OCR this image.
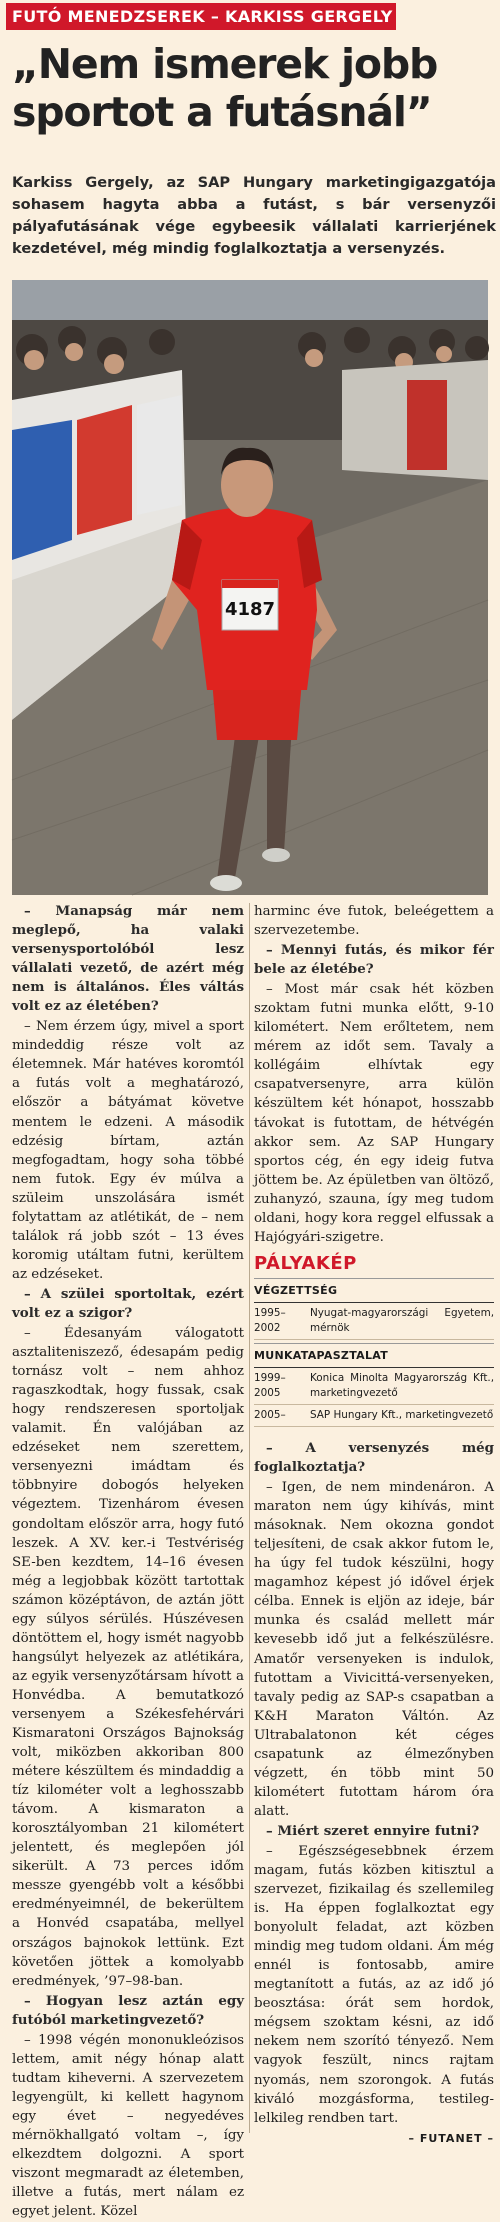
FUTÓ MENEDZSEREK – KARKISS GERGELY
„Nem ismerek jobb sportot a futásnál”

Karkiss Gergely, az SAP Hungary marketingigazgatója sohasem hagyta abba a futást, s bár versenyzői pályafutásának vége egybeesik vállalati karrierjének kezdetével, még mindig foglalkoztatja a versenyzés.

4187

– Manapság már nem meglepő, ha valaki versenysportolóból lesz vállalati vezető, de azért még nem is általános. Éles váltás volt ez az életében?

– Nem érzem úgy, mivel a sport mindeddig része volt az életemnek. Már hatéves koromtól a futás volt a meghatározó, először a bátyámat követve mentem le edzeni. A második edzésig bírtam, aztán megfogadtam, hogy soha többé nem futok. Egy év múlva a szüleim unszolására ismét folytattam az atlétikát, de – nem találok rá jobb szót – 13 éves koromig utáltam futni, kerültem az edzéseket.

– A szülei sportoltak, ezért volt ez a szigor?

– Édesanyám válogatott asztaliteniszező, édesapám pedig tornász volt – nem ahhoz ragaszkodtak, hogy fussak, csak hogy rendszeresen sportoljak valamit. Én valójában az edzéseket nem szerettem, versenyezni imádtam és többnyire dobogós helyeken végeztem. Tizenhárom évesen gondoltam először arra, hogy futó leszek. A XV. ker.-i Testvériség SE-ben kezdtem, 14–16 évesen még a legjobbak között tartottak számon középtávon, de aztán jött egy súlyos sérülés. Húszévesen döntöttem el, hogy ismét nagyobb hangsúlyt helyezek az atlétikára, az egyik versenyzőtársam hívott a Honvédba. A bemutatkozó versenyem a Székesfehérvári Kismaratoni Országos Bajnokság volt, miközben akkoriban 800 métere készültem és mindaddig a tíz kilométer volt a leghosszabb távom. A kismaraton a korosztályomban 21 kilométert jelentett, és meglepően jól sikerült. A 73 perces időm messze gyengébb volt a későbbi eredményeimnél, de bekerültem a Honvéd csapatába, mellyel országos bajnokok lettünk. Ezt követően jöttek a komolyabb eredmények, ’97–98-ban.

– Hogyan lesz aztán egy futóból marketingvezető?

– 1998 végén mononukleózisos lettem, amit négy hónap alatt tudtam kiheverni. A szervezetem legyengült, ki kellett hagynom egy évet – negyedéves mérnökhallgató voltam –, így elkezdtem dolgozni. A sport viszont megmaradt az életemben, illetve a futás, mert nálam ez egyet jelent. Közel

harminc éve futok, beleégettem a szervezetembe.

– Mennyi futás, és mikor fér bele az életébe?

– Most már csak hét közben szoktam futni munka előtt, 9-10 kilométert. Nem erőltetem, nem mérem az időt sem. Tavaly a kollégáim elhívtak egy csapatversenyre, arra külön készültem két hónapot, hosszabb távokat is futottam, de hétvégén akkor sem. Az SAP Hungary sportos cég, én egy ideig futva jöttem be. Az épületben van öltöző, zuhanyzó, szauna, így meg tudom oldani, hogy kora reggel elfussak a Hajógyári-szigetre.

PÁLYAKÉP
VÉGZETTSÉG
1995–2002
Nyugat-magyarországi Egyetem, mérnök
MUNKATAPASZTALAT
1999–2005
Konica Minolta Magyarország Kft., marketingvezető
2005–	SAP Hungary Kft., marketingvezető

– A versenyzés még foglalkoztatja?

– Igen, de nem mindenáron. A maraton nem úgy kihívás, mint másoknak. Nem okozna gondot teljesíteni, de csak akkor futom le, ha úgy fel tudok készülni, hogy magamhoz képest jó idővel érjek célba. Ennek is eljön az ideje, bár munka és család mellett már kevesebb idő jut a felkészülésre. Amatőr versenyeken is indulok, futottam a Vivicittá-versenyeken, tavaly pedig az SAP-s csapatban a K&H Maraton Váltón. Az Ultrabalatonon két céges csapatunk az élmezőnyben végzett, én több mint 50 kilométert futottam három óra alatt.

– Miért szeret ennyire futni?

– Egészségesebbnek érzem magam, futás közben kitisztul a szervezet, fizikailag és szellemileg is. Ha éppen foglalkoztat egy bonyolult feladat, azt közben mindig meg tudom oldani. Ám még ennél is fontosabb, amire megtanított a futás, az az idő jó beosztása: órát sem hordok, mégsem szoktam késni, az idő nekem nem szorító tényező. Nem vagyok feszült, nincs rajtam nyomás, nem szorongok. A futás kiváló mozgásforma, testileg-lelkileg rendben tart.

– FUTANET –
